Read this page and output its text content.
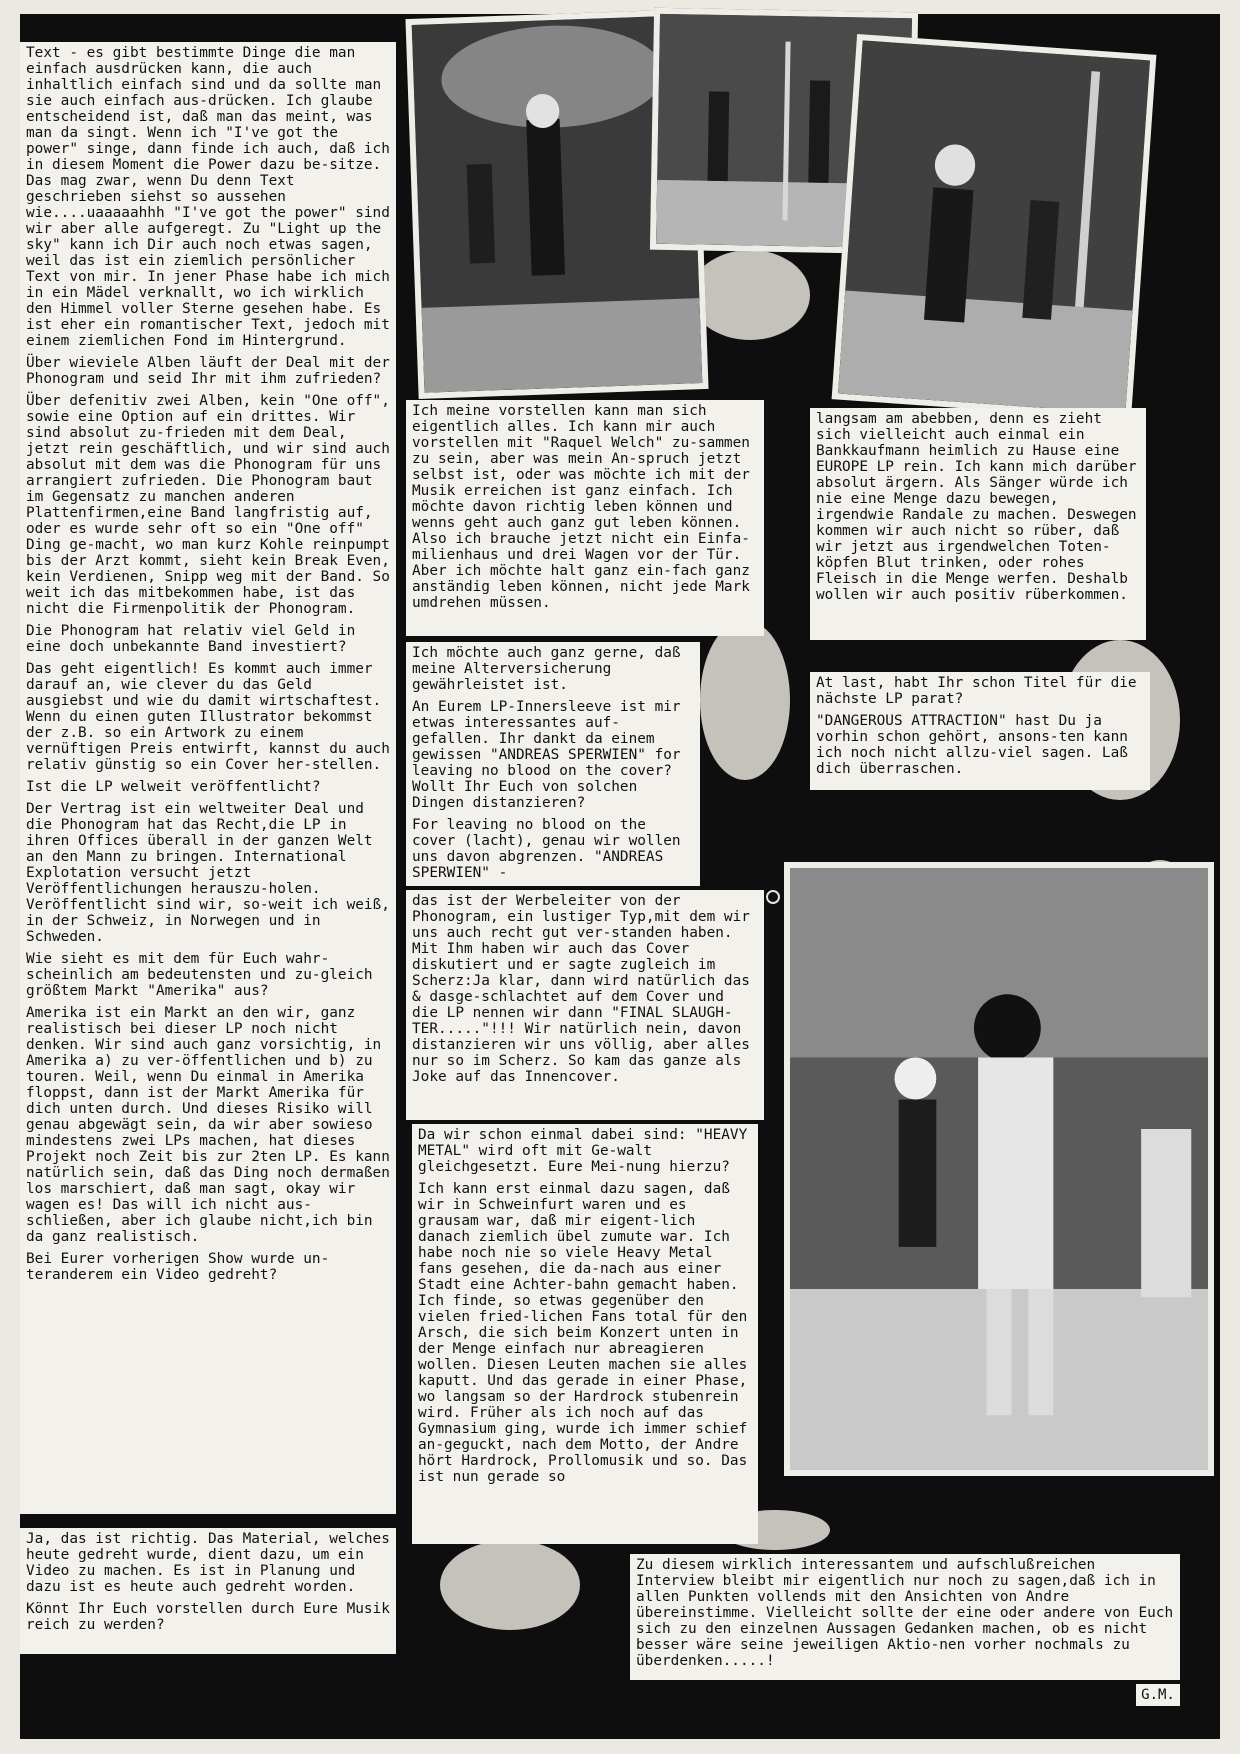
Text - es gibt bestimmte Dinge die man einfach ausdrücken kann, die auch inhaltlich einfach sind und da sollte man sie auch einfach aus-drücken. Ich glaube entscheidend ist, daß man das meint, was man da singt. Wenn ich "I've got the power" singe, dann finde ich auch, daß ich in diesem Moment die Power dazu be-sitze. Das mag zwar, wenn Du denn Text geschrieben siehst so aussehen wie....uaaaaahhh "I've got the power" sind wir aber alle aufgeregt. Zu "Light up the sky" kann ich Dir auch noch etwas sagen, weil das ist ein ziemlich persönlicher Text von mir. In jener Phase habe ich mich in ein Mädel verknallt, wo ich wirklich den Himmel voller Sterne gesehen habe. Es ist eher ein romantischer Text, jedoch mit einem ziemlichen Fond im Hintergrund.

Über wieviele Alben läuft der Deal mit der Phonogram und seid Ihr mit ihm zufrieden?

Über defenitiv zwei Alben, kein "One off", sowie eine Option auf ein drittes. Wir sind absolut zu-frieden mit dem Deal, jetzt rein geschäftlich, und wir sind auch absolut mit dem was die Phonogram für uns arrangiert zufrieden. Die Phonogram baut im Gegensatz zu manchen anderen Plattenfirmen,eine Band langfristig auf, oder es wurde sehr oft so ein "One off" Ding ge-macht, wo man kurz Kohle reinpumpt bis der Arzt kommt, sieht kein Break Even, kein Verdienen, Snipp weg mit der Band. So weit ich das mitbekommen habe, ist das nicht die Firmenpolitik der Phonogram.

Die Phonogram hat relativ viel Geld in eine doch unbekannte Band investiert?

Das geht eigentlich! Es kommt auch immer darauf an, wie clever du das Geld ausgiebst und wie du damit wirtschaftest. Wenn du einen guten Illustrator bekommst der z.B. so ein Artwork zu einem vernüftigen Preis entwirft, kannst du auch relativ günstig so ein Cover her-stellen.

Ist die LP welweit veröffentlicht?

Der Vertrag ist ein weltweiter Deal und die Phonogram hat das Recht,die LP in ihren Offices überall in der ganzen Welt an den Mann zu bringen. International Explotation versucht jetzt Veröffentlichungen herauszu-holen. Veröffentlicht sind wir, so-weit ich weiß, in der Schweiz, in Norwegen und in Schweden.

Wie sieht es mit dem für Euch wahr-scheinlich am bedeutensten und zu-gleich größtem Markt "Amerika" aus?

Amerika ist ein Markt an den wir, ganz realistisch bei dieser LP noch nicht denken. Wir sind auch ganz vorsichtig, in Amerika a) zu ver-öffentlichen und b) zu touren. Weil, wenn Du einmal in Amerika floppst, dann ist der Markt Amerika für dich unten durch. Und dieses Risiko will genau abgewägt sein, da wir aber sowieso mindestens zwei LPs machen, hat dieses Projekt noch Zeit bis zur 2ten LP. Es kann natürlich sein, daß das Ding noch dermaßen los marschiert, daß man sagt, okay wir wagen es! Das will ich nicht aus-schließen, aber ich glaube nicht,ich bin da ganz realistisch.

Bei Eurer vorherigen Show wurde un-teranderem ein Video gedreht?

Ja, das ist richtig. Das Material, welches heute gedreht wurde, dient dazu, um ein Video zu machen. Es ist in Planung und dazu ist es heute auch gedreht worden.

Könnt Ihr Euch vorstellen durch Eure Musik reich zu werden?

Ich meine vorstellen kann man sich eigentlich alles. Ich kann mir auch vorstellen mit "Raquel Welch" zu-sammen zu sein, aber was mein An-spruch jetzt selbst ist, oder was möchte ich mit der Musik erreichen ist ganz einfach. Ich möchte davon richtig leben können und wenns geht auch ganz gut leben können. Also ich brauche jetzt nicht ein Einfa-milienhaus und drei Wagen vor der Tür. Aber ich möchte halt ganz ein-fach ganz anständig leben können, nicht jede Mark umdrehen müssen.

Ich möchte auch ganz gerne, daß meine Alterversicherung gewährleistet ist.

An Eurem LP-Innersleeve ist mir etwas interessantes auf-gefallen. Ihr dankt da einem gewissen "ANDREAS SPERWIEN" for leaving no blood on the cover? Wollt Ihr Euch von solchen Dingen distanzieren?

For leaving no blood on the cover (lacht), genau wir wollen uns davon abgrenzen. "ANDREAS SPERWIEN" -

das ist der Werbeleiter von der Phonogram, ein lustiger Typ,mit dem wir uns auch recht gut ver-standen haben. Mit Ihm haben wir auch das Cover diskutiert und er sagte zugleich im Scherz:Ja klar, dann wird natürlich das & dasge-schlachtet auf dem Cover und die LP nennen wir dann "FINAL SLAUGH-TER....."!!! Wir natürlich nein, davon distanzieren wir uns völlig, aber alles nur so im Scherz. So kam das ganze als Joke auf das Innencover.

Da wir schon einmal dabei sind: "HEAVY METAL" wird oft mit Ge-walt gleichgesetzt. Eure Mei-nung hierzu?

Ich kann erst einmal dazu sagen, daß wir in Schweinfurt waren und es grausam war, daß mir eigent-lich danach ziemlich übel zumute war. Ich habe noch nie so viele Heavy Metal fans gesehen, die da-nach aus einer Stadt eine Achter-bahn gemacht haben. Ich finde, so etwas gegenüber den vielen fried-lichen Fans total für den Arsch, die sich beim Konzert unten in der Menge einfach nur abreagieren wollen. Diesen Leuten machen sie alles kaputt. Und das gerade in einer Phase, wo langsam so der Hardrock stubenrein wird. Früher als ich noch auf das Gymnasium ging, wurde ich immer schief an-geguckt, nach dem Motto, der Andre hört Hardrock, Prollomusik und so. Das ist nun gerade so

langsam am abebben, denn es zieht sich vielleicht auch einmal ein Bankkaufmann heimlich zu Hause eine EUROPE LP rein. Ich kann mich darüber absolut ärgern. Als Sänger würde ich nie eine Menge dazu bewegen, irgendwie Randale zu machen. Deswegen kommen wir auch nicht so rüber, daß wir jetzt aus irgendwelchen Toten-köpfen Blut trinken, oder rohes Fleisch in die Menge werfen. Deshalb wollen wir auch positiv rüberkommen.

At last, habt Ihr schon Titel für die nächste LP parat?

"DANGEROUS ATTRACTION" hast Du ja vorhin schon gehört, ansons-ten kann ich noch nicht allzu-viel sagen. Laß dich überraschen.

Zu diesem wirklich interessantem und aufschlußreichen Interview bleibt mir eigentlich nur noch zu sagen,daß ich in allen Punkten vollends mit den Ansichten von Andre übereinstimme. Vielleicht sollte der eine oder andere von Euch sich zu den einzelnen Aussagen Gedanken machen, ob es nicht besser wäre seine jeweiligen Aktio-nen vorher nochmals zu überdenken.....!

G.M.
